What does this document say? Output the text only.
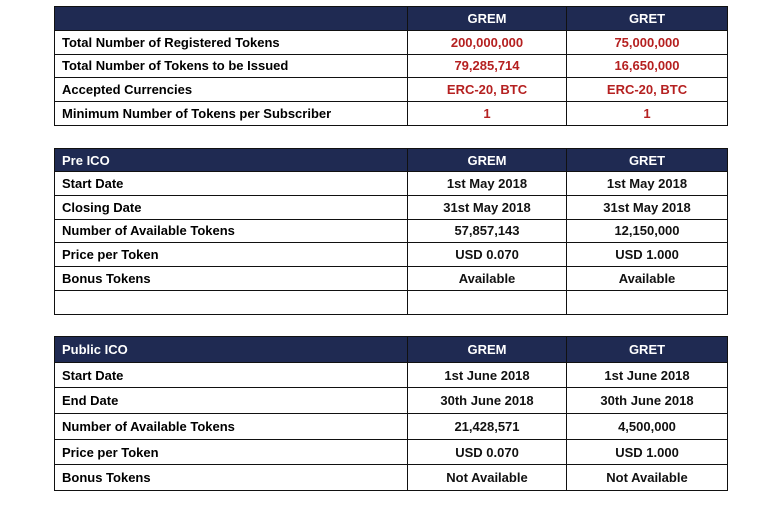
	GREM	GRET
Total Number of Registered Tokens	200,000,000	75,000,000
Total Number of Tokens to be Issued	79,285,714	16,650,000
Accepted Currencies	ERC-20, BTC	ERC-20, BTC
Minimum Number of Tokens per Subscriber	1	1
Pre ICO	GREM	GRET
Start Date	1st May 2018	1st May 2018
Closing Date	31st May 2018	31st May 2018
Number of Available Tokens	57,857,143	12,150,000
Price per Token	USD 0.070	USD 1.000
Bonus Tokens	Available	Available

Public ICO	GREM	GRET
Start Date	1st June 2018	1st June 2018
End Date	30th June 2018	30th June 2018
Number of Available Tokens	21,428,571	4,500,000
Price per Token	USD 0.070	USD 1.000
Bonus Tokens	Not Available	Not Available
